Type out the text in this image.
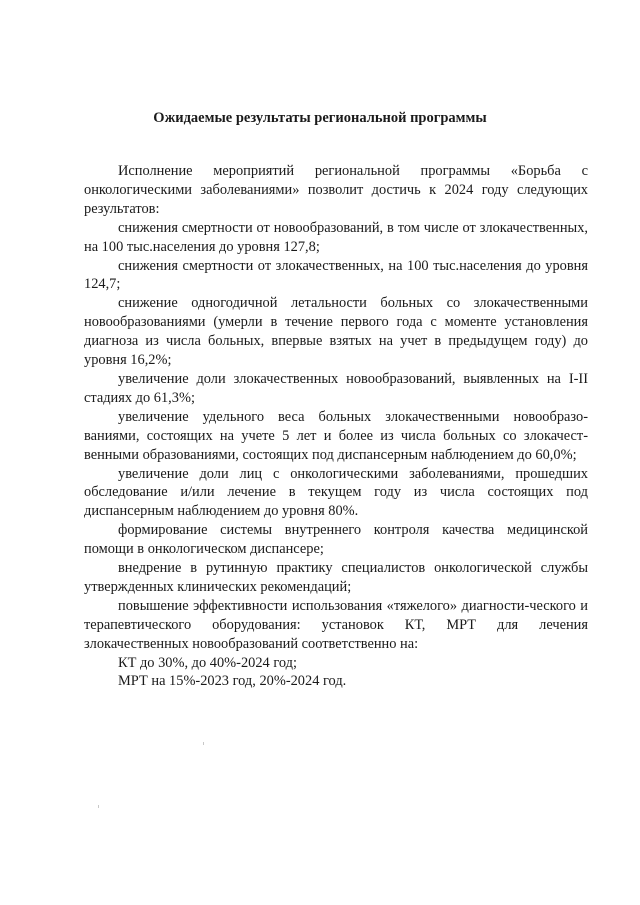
Ожидаемые результаты региональной программы

Исполнение мероприятий региональной программы «Борьба с онкологическими заболеваниями» позволит достичь к 2024 году следующих результатов:

снижения смертности от новообразований, в том числе от злокачественных, на 100 тыс.населения до уровня 127,8;

снижения смертности от злокачественных, на 100 тыс.населения до уровня 124,7;

снижение одногодичной летальности больных со злокачественными новообразованиями (умерли в течение первого года с моменте установления диагноза из числа больных, впервые взятых на учет в предыдущем году) до уровня 16,2%;

увеличение доли злокачественных новообразований, выявленных на I-II стадиях до 61,3%;

увеличение удельного веса больных злокачественными новообразо-ваниями, состоящих на учете 5 лет и более из числа больных со злокачест-венными образованиями, состоящих под диспансерным наблюдением до 60,0%;

увеличение доли лиц с онкологическими заболеваниями, прошедших обследование и/или лечение в текущем году из числа состоящих под диспансерным наблюдением до уровня 80%.

формирование системы внутреннего контроля качества медицинской помощи в онкологическом диспансере;

внедрение в рутинную практику специалистов онкологической службы утвержденных клинических рекомендаций;

повышение эффективности использования «тяжелого» диагности-ческого и терапевтического оборудования: установок КТ, МРТ для лечения злокачественных новообразований соответственно на:

КТ до 30%, до 40%-2024 год;

МРТ на 15%-2023 год, 20%-2024 год.
